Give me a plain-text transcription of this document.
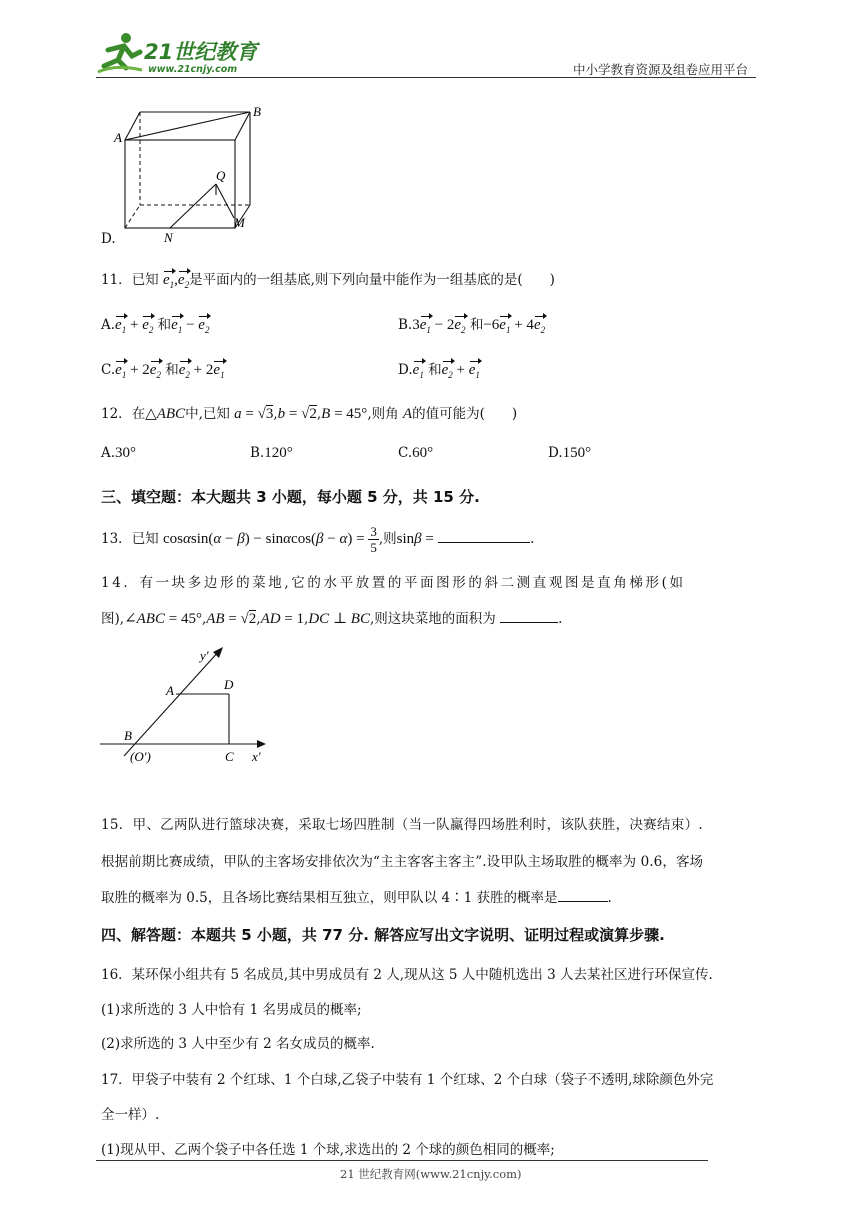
21世纪教育
www.21cnjy.com	中小学教育资源及组卷应用平台
A
B
Q
M
N
D.
11．已知 $e_1,e_2$是平面内的一组基底,则下列向量中能作为一组基底的是(　　)
$A.e_1 + e_2$ 和$e_1 - e_2$	$B.3e_1 - 2e_2$ 和$-6e_1 + 4e_2$
$C.e_1 + 2e_2$ 和$e_2 + 2e_1$	$D.e_1$ 和$e_2 + e_1$
12．在△ABC中,已知 a = √3,b = √2,B = 45°,则角 A的值可能为(　　)
A.30°	B.120°	C.60°	D.150°
三、填空题：本大题共 3 小题，每小题 5 分，共 15 分.
13．已知 $\cos\alpha\sin(\alpha - \beta) - \sin\alpha\cos(\beta - \alpha) = \frac{3}{5}$ ,则sinβ =	.
14．有一块多边形的菜地,它的水平放置的平面图形的斜二测直观图是直角梯形(如
图),∠ABC = 45°,AB = √2,AD = 1,DC ⊥ BC,则这块菜地的面积为	.
y′
A	D
B
(O′)	C x′
15．甲、乙两队进行篮球决赛，采取七场四胜制（当一队赢得四场胜利时，该队获胜，决赛结束）.
根据前期比赛成绩，甲队的主客场安排依次为“主主客客主客主”.设甲队主场取胜的概率为 0.6，客场
取胜的概率为 0.5，且各场比赛结果相互独立，则甲队以 4∶1 获胜的概率是	.
四、解答题：本题共 5 小题，共 77 分. 解答应写出文字说明、证明过程或演算步骤.
16．某环保小组共有 5 名成员,其中男成员有 2 人,现从这 5 人中随机选出 3 人去某社区进行环保宣传.
(1)求所选的 3 人中恰有 1 名男成员的概率;
(2)求所选的 3 人中至少有 2 名女成员的概率.
17．甲袋子中装有 2 个红球、1 个白球,乙袋子中装有 1 个红球、2 个白球（袋子不透明,球除颜色外完
全一样）.
(1)现从甲、乙两个袋子中各任选 1 个球,求选出的 2 个球的颜色相同的概率;
21 世纪教育网(www.21cnjy.com)
